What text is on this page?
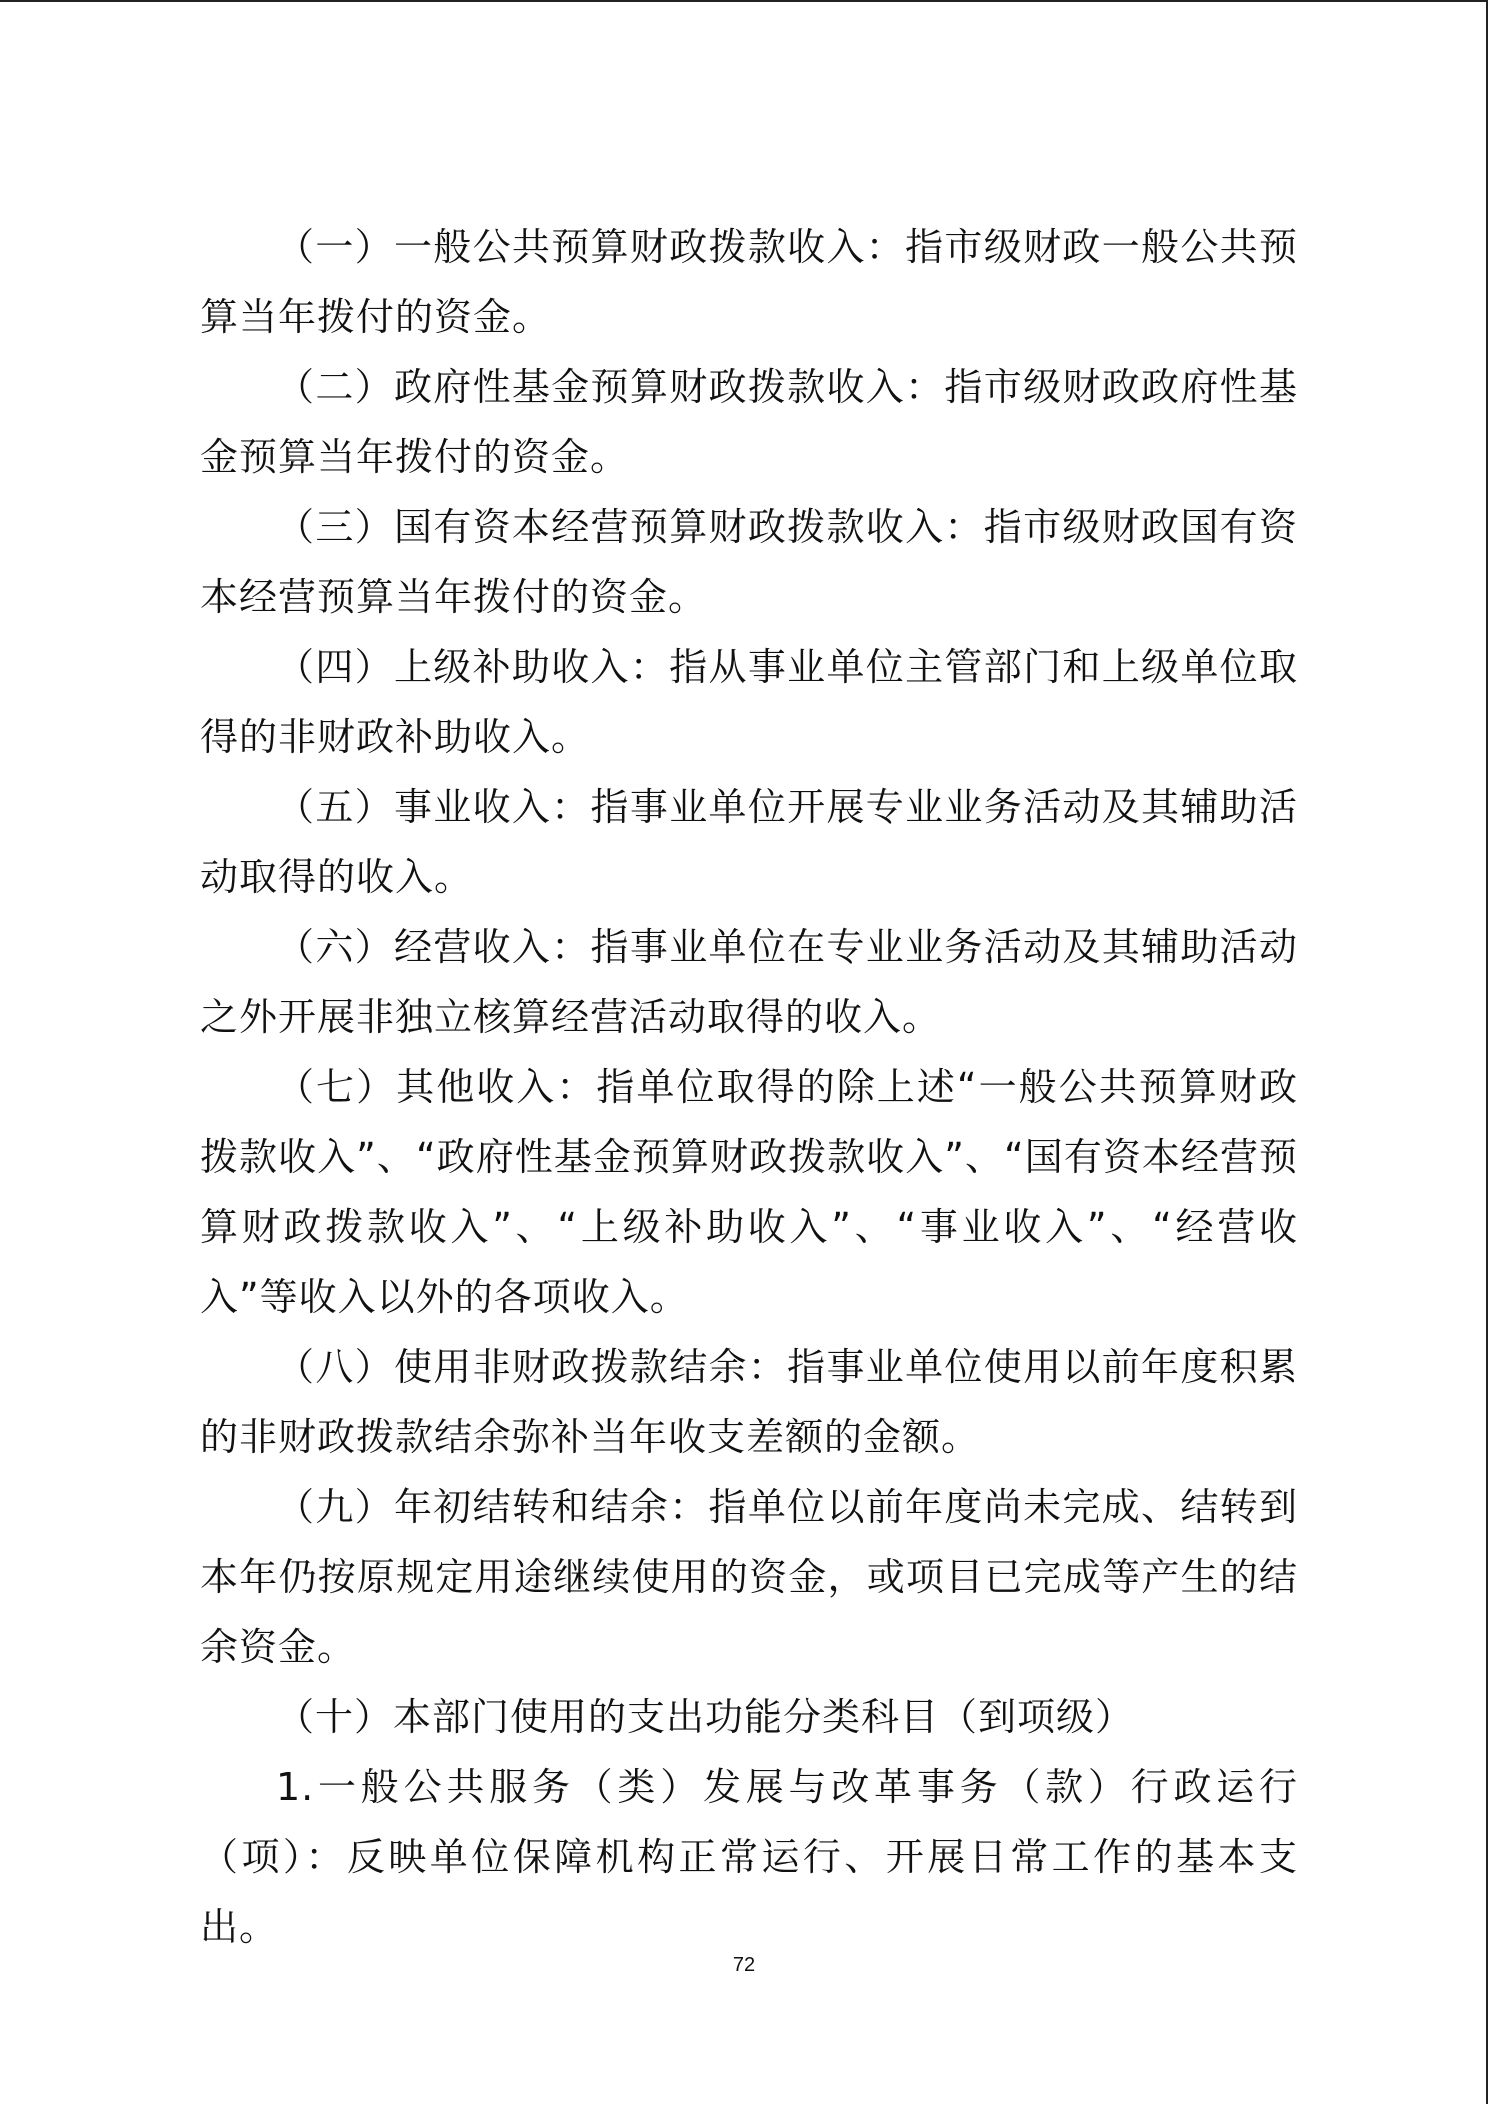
（一）一般公共预算财政拨款收入：指市级财政一般公共预算当年拨付的资金。

（二）政府性基金预算财政拨款收入：指市级财政政府性基金预算当年拨付的资金。

（三）国有资本经营预算财政拨款收入：指市级财政国有资本经营预算当年拨付的资金。

（四）上级补助收入：指从事业单位主管部门和上级单位取得的非财政补助收入。

（五）事业收入：指事业单位开展专业业务活动及其辅助活动取得的收入。

（六）经营收入：指事业单位在专业业务活动及其辅助活动之外开展非独立核算经营活动取得的收入。

（七）其他收入：指单位取得的除上述“一般公共预算财政拨款收入”、“政府性基金预算财政拨款收入”、“国有资本经营预算财政拨款收入”、“上级补助收入”、“事业收入”、“经营收入”等收入以外的各项收入。

（八）使用非财政拨款结余：指事业单位使用以前年度积累的非财政拨款结余弥补当年收支差额的金额。

（九）年初结转和结余：指单位以前年度尚未完成、结转到本年仍按原规定用途继续使用的资金，或项目已完成等产生的结余资金。

（十）本部门使用的支出功能分类科目（到项级）

1.一般公共服务（类）发展与改革事务（款）行政运行（项）：反映单位保障机构正常运行、开展日常工作的基本支出。

72
